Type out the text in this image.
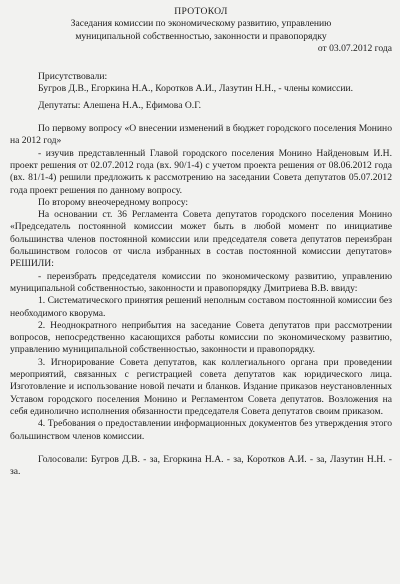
ПРОТОКОЛ

Заседания комиссии по экономическому развитию, управлению

муниципальной собственностью, законности и правопорядку

от 03.07.2012 года

Присутствовали:

Бугров Д.В., Егоркина Н.А., Коротков А.И., Лазутин Н.Н., - члены комиссии.

Депутаты: Алешена Н.А., Ефимова О.Г.

По первому вопросу «О внесении изменений в бюджет городского поселения Монино на 2012 год»

- изучив представленный Главой городского поселения Монино Найденовым И.Н. проект решения от 02.07.2012 года (вх. 90/1-4) с учетом проекта решения от 08.06.2012 года (вх. 81/1-4) решили предложить к рассмотрению на заседании Совета депутатов 05.07.2012 года проект решения по данному вопросу.

По второму внеочередному вопросу:

На основании ст. 36 Регламента Совета депутатов городского поселения Монино «Председатель постоянной комиссии может быть в любой момент по инициативе большинства членов постоянной комиссии или председателя совета депутатов переизбран большинством голосов от числа избранных в состав постоянной комиссии депутатов» РЕШИЛИ:

- переизбрать председателя комиссии по экономическому развитию, управлению муниципальной собственностью, законности и правопорядку Дмитриева В.В. ввиду:

1. Систематического принятия решений неполным составом постоянной комиссии без необходимого кворума.

2. Неоднократного неприбытия на заседание Совета депутатов при рассмотрении вопросов, непосредственно касающихся работы комиссии по экономическому развитию, управлению муниципальной собственностью, законности и правопорядку.

3. Игнорирование Совета депутатов, как коллегиального органа при проведении мероприятий, связанных с регистрацией совета депутатов как юридического лица. Изготовление и использование новой печати и бланков. Издание приказов неустановленных Уставом городского поселения Монино и Регламентом Совета депутатов. Возложения на себя единолично исполнения обязанности председателя Совета депутатов своим приказом.

4. Требования о предоставлении информационных документов без утверждения этого большинством членов комиссии.

Голосовали: Бугров Д.В. - за, Егоркина Н.А. - за, Коротков А.И. - за, Лазутин Н.Н. - за.
